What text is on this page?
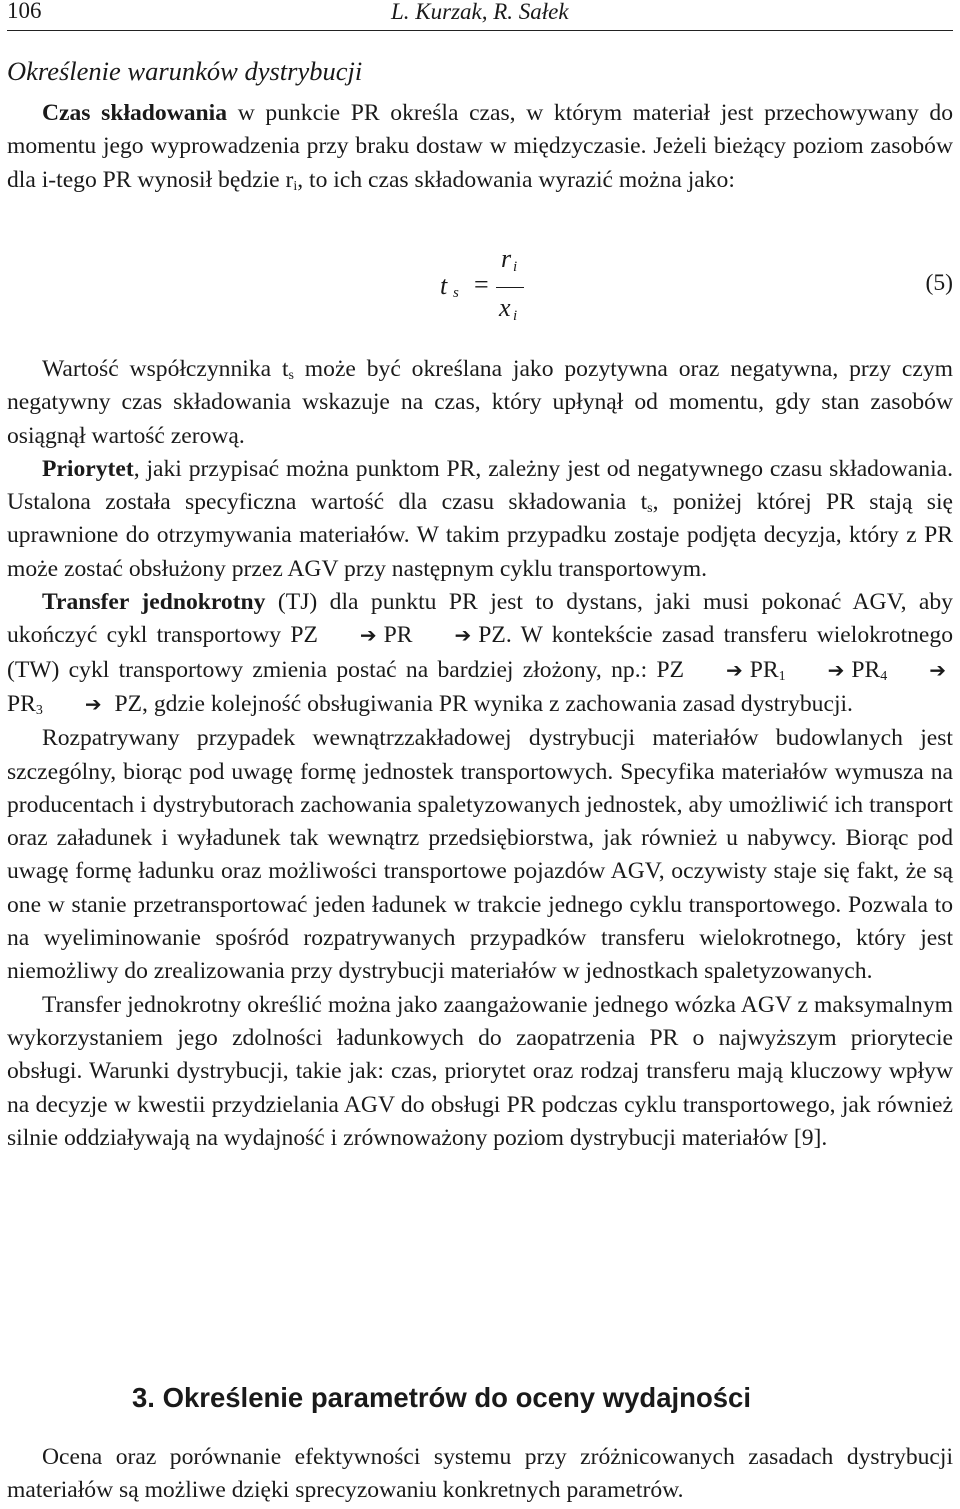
106	L. Kurzak, R. Sałek
Określenie warunków dystrybucji

Czas składowania w punkcie PR określa czas, w którym materiał jest przechowywany do momentu jego wyprowadzenia przy braku dostaw w międzyczasie. Jeżeli bieżący poziom zasobów dla i-tego PR wynosił będzie $r_i$, to ich czas składowania wyrazić można jako:

t s =
r i
x i
(5)

Wartość współczynnika $t_s$ może być określana jako pozytywna oraz negatywna, przy czym negatywny czas składowania wskazuje na czas, który upłynął od momentu, gdy stan zasobów osiągnął wartość zerową.

Priorytet, jaki przypisać można punktom PR, zależny jest od negatywnego czasu składowania. Ustalona została specyficzna wartość dla czasu składowania $t_s$, poniżej której PR stają się uprawnione do otrzymywania materiałów. W takim przypadku zostaje podjęta decyzja, który z PR może zostać obsłużony przez AGV przy następnym cyklu transportowym.

Transfer jednokrotny (TJ) dla punktu PR jest to dystans, jaki musi pokonać AGV, aby ukończyć cykl transportowy PZ ➔ PR ➔ PZ. W kontekście zasad transferu wielokrotnego (TW) cykl transportowy zmienia postać na bardziej złożony, np.: PZ ➔ $PR_1$ ➔ $PR_4$ $➔PR_3$ ➔ PZ, gdzie kolejność obsługiwania PR wynika z zachowania zasad dystrybucji.

Rozpatrywany przypadek wewnątrzzakładowej dystrybucji materiałów budowlanych jest szczególny, biorąc pod uwagę formę jednostek transportowych. Specyfika materiałów wymusza na producentach i dystrybutorach zachowania spaletyzowanych jednostek, aby umożliwić ich transport oraz załadunek i wyładunek tak wewnątrz przedsiębiorstwa, jak również u nabywcy. Biorąc pod uwagę formę ładunku oraz możliwości transportowe pojazdów AGV, oczywisty staje się fakt, że są one w stanie przetransportować jeden ładunek w trakcie jednego cyklu transportowego. Pozwala to na wyeliminowanie spośród rozpatrywanych przypadków transferu wielokrotnego, który jest niemożliwy do zrealizowania przy dystrybucji materiałów w jednostkach spaletyzowanych.

Transfer jednokrotny określić można jako zaangażowanie jednego wózka AGV z maksymalnym wykorzystaniem jego zdolności ładunkowych do zaopatrzenia PR o najwyższym priorytecie obsługi. Warunki dystrybucji, takie jak: czas, priorytet oraz rodzaj transferu mają kluczowy wpływ na decyzje w kwestii przydzielania AGV do obsługi PR podczas cyklu transportowego, jak również silnie oddziaływają na wydajność i zrównoważony poziom dystrybucji materiałów [9].

3. Określenie parametrów do oceny wydajności

Ocena oraz porównanie efektywności systemu przy zróżnicowanych zasadach dystrybucji materiałów są możliwe dzięki sprecyzowaniu konkretnych parametrów.
